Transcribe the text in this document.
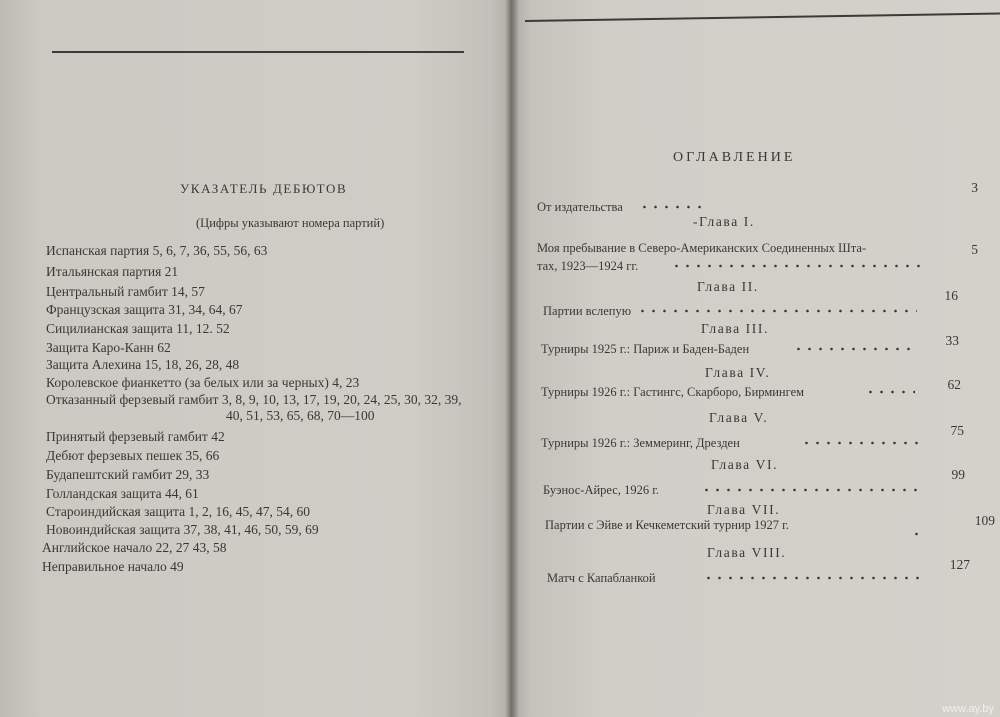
УКАЗАТЕЛЬ ДЕБЮТОВ
(Цифры указывают номера партий)
Испанская партия 5, 6, 7, 36, 55, 56, 63
Итальянская партия 21
Центральный гамбит 14, 57
Французская защита 31, 34, 64, 67
Сицилианская защита 11, 12. 52
Защита Каро-Канн 62
Защита Алехина 15, 18, 26, 28, 48
Королевское фианкетто (за белых или за черных) 4, 23
Отказанный ферзевый гамбит 3, 8, 9, 10, 13, 17, 19, 20, 24, 25, 30, 32, 39,
40, 51, 53, 65, 68, 70—100
Принятый ферзевый гамбит 42
Дебют ферзевых пешек 35, 66
Будапештский гамбит 29, 33
Голландская защита 44, 61
Староиндийская защита 1, 2, 16, 45, 47, 54, 60
Новоиндийская защита 37, 38, 41, 46, 50, 59, 69
Английское начало 22, 27 43, 58
Неправильное начало 49
ОГЛАВЛЕНИЕ
От издательства
3
-Глава I.
Моя пребывание в Северо-Американских Соединенных Шта-
тах, 1923—1924 гг.
5
Глава II.
Партии вслепую
16
Глава III.
Турниры 1925 г.: Париж и Баден-Баден
33
Глава IV.
Турниры 1926 г.: Гастингс, Скарборо, Бирмингем	62
Глава V.
Турниры 1926 г.: Земмеринг, Дрезден
75
Глава VI.
Буэнос-Айрес, 1926 г.
99
Глава VII.
Партии с Эйве и Кечкеметский турнир 1927 г.	109
Глава VIII.
Матч с Капабланкой
127
www.ay.by
